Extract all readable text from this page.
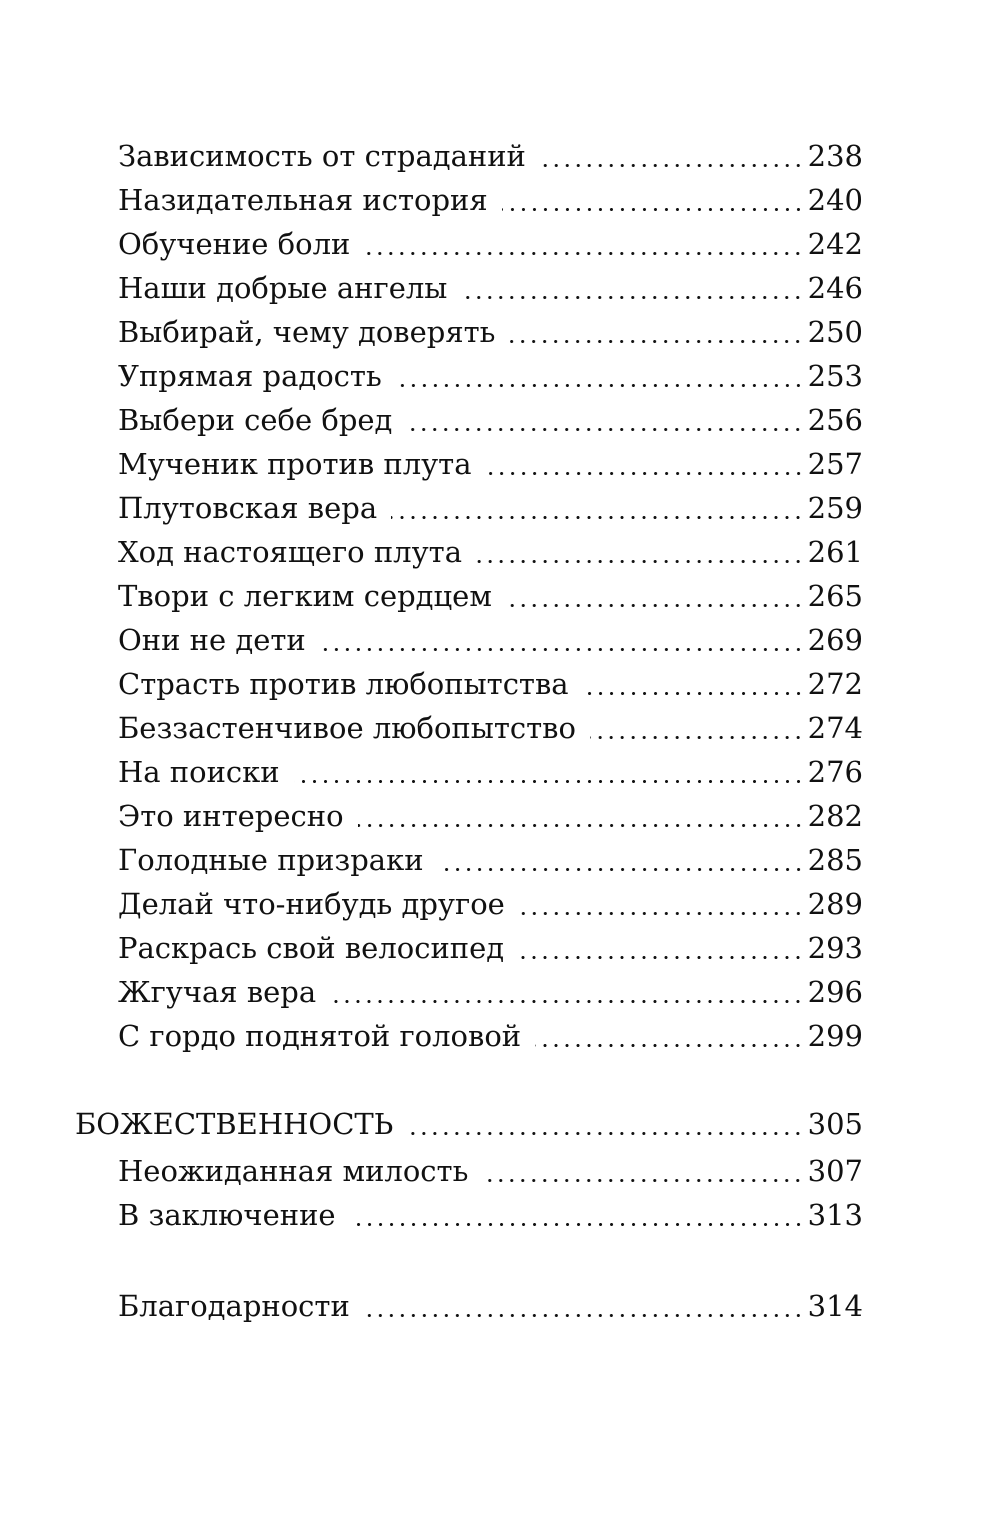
Зависимость от страданий	238
Назидательная история	240
Обучение боли	242
Наши добрые ангелы	246
Выбирай, чему доверять	250
Упрямая радость	253
Выбери себе бред	256
Мученик против плута	257
Плутовская вера	259
Ход настоящего плута	261
Твори с легким сердцем	265
Они не дети	269
Страсть против любопытства	272
Беззастенчивое любопытство	274
На поиски	276
Это интересно	282
Голодные призраки	285
Делай что-нибудь другое	289
Раскрась свой велосипед	293
Жгучая вера	296
С гордо поднятой головой	299
БОЖЕСТВЕННОСТЬ	305
Неожиданная милость	307
В заключение	313
Благодарности	314
